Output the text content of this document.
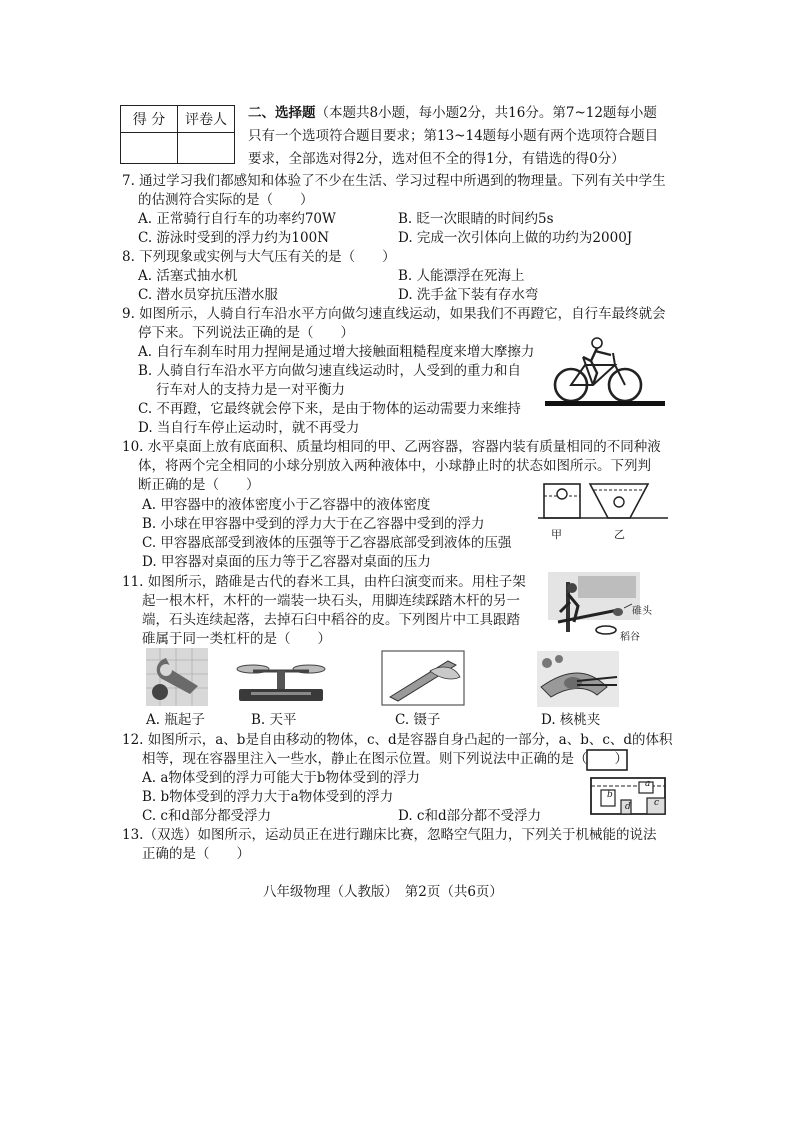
得 分	评卷人
	二、选择题（本题共8小题，每小题2分，共16分。第7~12题每小题
只有一个选项符合题目要求；第13~14题每小题有两个选项符合题目
要求，全部选对得2分，选对但不全的得1分，有错选的得0分）
7. 通过学习我们都感知和体验了不少在生活、学习过程中所遇到的物理量。下列有关中学生
的估测符合实际的是（　　）
A. 正常骑行自行车的功率约70W	B. 眨一次眼睛的时间约5s
C. 游泳时受到的浮力约为100N	D. 完成一次引体向上做的功约为2000J
8. 下列现象或实例与大气压有关的是（　　）
A. 活塞式抽水机	B. 人能漂浮在死海上
C. 潜水员穿抗压潜水服	D. 洗手盆下装有存水弯
9. 如图所示，人骑自行车沿水平方向做匀速直线运动，如果我们不再蹬它，自行车最终就会
停下来。下列说法正确的是（　　）
A. 自行车刹车时用力捏闸是通过增大接触面粗糙程度来增大摩擦力
B. 人骑自行车沿水平方向做匀速直线运动时，人受到的重力和自
行车对人的支持力是一对平衡力
C. 不再蹬，它最终就会停下来，是由于物体的运动需要力来维持
D. 当自行车停止运动时，就不再受力
10. 水平桌面上放有底面积、质量均相同的甲、乙两容器，容器内装有质量相同的不同种液
体，将两个完全相同的小球分别放入两种液体中，小球静止时的状态如图所示。下列判
断正确的是（　　）
A. 甲容器中的液体密度小于乙容器中的液体密度
B. 小球在甲容器中受到的浮力大于在乙容器中受到的浮力
C. 甲容器底部受到液体的压强等于乙容器底部受到液体的压强
D. 甲容器对桌面的压力等于乙容器对桌面的压力
甲	乙
11. 如图所示，踏碓是古代的舂米工具，由杵臼演变而来。用柱子架
起一根木杆，木杆的一端装一块石头，用脚连续踩踏木杆的另一
端，石头连续起落，去掉石臼中稻谷的皮。下列图片中工具跟踏
碓属于同一类杠杆的是（　　）
碓头
稻谷
A. 瓶起子	B. 天平	C. 镊子	D. 核桃夹
12. 如图所示，a、b是自由移动的物体，c、d是容器自身凸起的一部分，a、b、c、d的体积
相等，现在容器里注入一些水，静止在图示位置。则下列说法中正确的是（　　）
A. a物体受到的浮力可能大于b物体受到的浮力
B. b物体受到的浮力大于a物体受到的浮力
C. c和d部分都受浮力	D. c和d部分都不受浮力
a
b
c
d
13.（双选）如图所示，运动员正在进行蹦床比赛，忽略空气阻力，下列关于机械能的说法
正确的是（　　）
八年级物理（人教版）　第2页（共6页）
